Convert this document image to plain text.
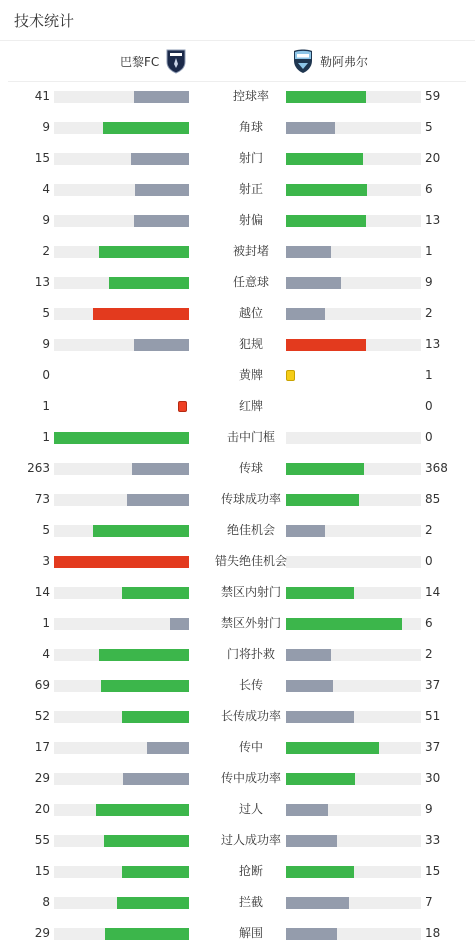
技术统计
巴黎FC	勒阿弗尔
41	控球率	59
9	角球	5
15	射门	20
4	射正	6
9	射偏	13
2	被封堵	1
13	任意球	9
5	越位	2
9	犯规	13
0	黄牌	1
1	红牌	0
1	击中门框	0
263	传球	368
73	传球成功率	85
5	绝佳机会	2
3	错失绝佳机会	0
14	禁区内射门	14
1	禁区外射门	6
4	门将扑救	2
69	长传	37
52	长传成功率	51
17	传中	37
29	传中成功率	30
20	过人	9
55	过人成功率	33
15	抢断	15
8	拦截	7
29	解围	18
